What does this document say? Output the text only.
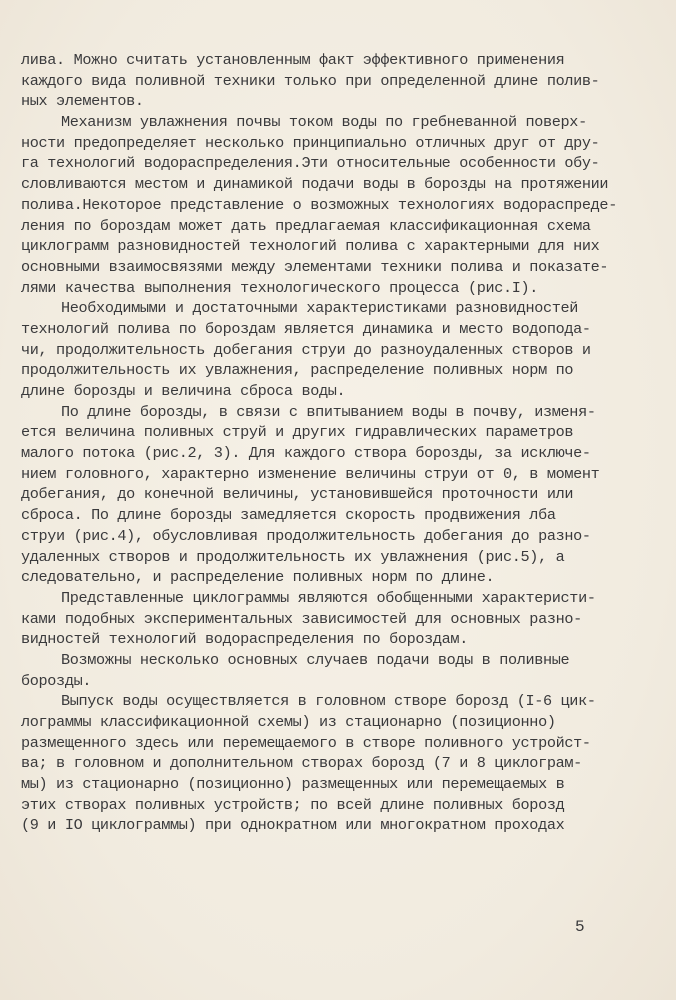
лива. Можно считать установленным факт эффективного применения
каждого вида поливной техники только при определенной длине полив-
ных элементов.
Механизм увлажнения почвы током воды по гребневанной поверх-
ности предопределяет несколько принципиально отличных друг от дру-
га технологий водораспределения.Эти относительные особенности обу-
словливаются местом и динамикой подачи воды в борозды на протяжении
полива.Некоторое представление о возможных технологиях водораспреде-
ления по бороздам может дать предлагаемая классификационная схема
циклограмм разновидностей технологий полива с характерными для них
основными взаимосвязями между элементами техники полива и показате-
лями качества выполнения технологического процесса (рис.I).
Необходимыми и достаточными характеристиками разновидностей
технологий полива по бороздам является динамика и место водопода-
чи, продолжительность добегания струи до разноудаленных створов и
продолжительность их увлажнения, распределение поливных норм по
длине борозды и величина сброса воды.
По длине борозды, в связи с впитыванием воды в почву, изменя-
ется величина поливных струй и других гидравлических параметров
малого потока (рис.2, 3). Для каждого створа борозды, за исключе-
нием головного, характерно изменение величины струи от 0, в момент
добегания, до конечной величины, установившейся проточности или
сброса. По длине борозды замедляется скорость продвижения лба
струи (рис.4), обусловливая продолжительность добегания до разно-
удаленных створов и продолжительность их увлажнения (рис.5), а
следовательно, и распределение поливных норм по длине.
Представленные циклограммы являются обобщенными характеристи-
ками подобных экспериментальных зависимостей для основных разно-
видностей технологий водораспределения по бороздам.
Возможны несколько основных случаев подачи воды в поливные
борозды.
Выпуск воды осуществляется в головном створе борозд (I-6 цик-
лограммы классификационной схемы) из стационарно (позиционно)
размещенного здесь или перемещаемого в створе поливного устройст-
ва; в головном и дополнительном створах борозд (7 и 8 циклограм-
мы) из стационарно (позиционно) размещенных или перемещаемых в
этих створах поливных устройств; по всей длине поливных борозд
(9 и IO циклограммы) при однократном или многократном проходах
5
